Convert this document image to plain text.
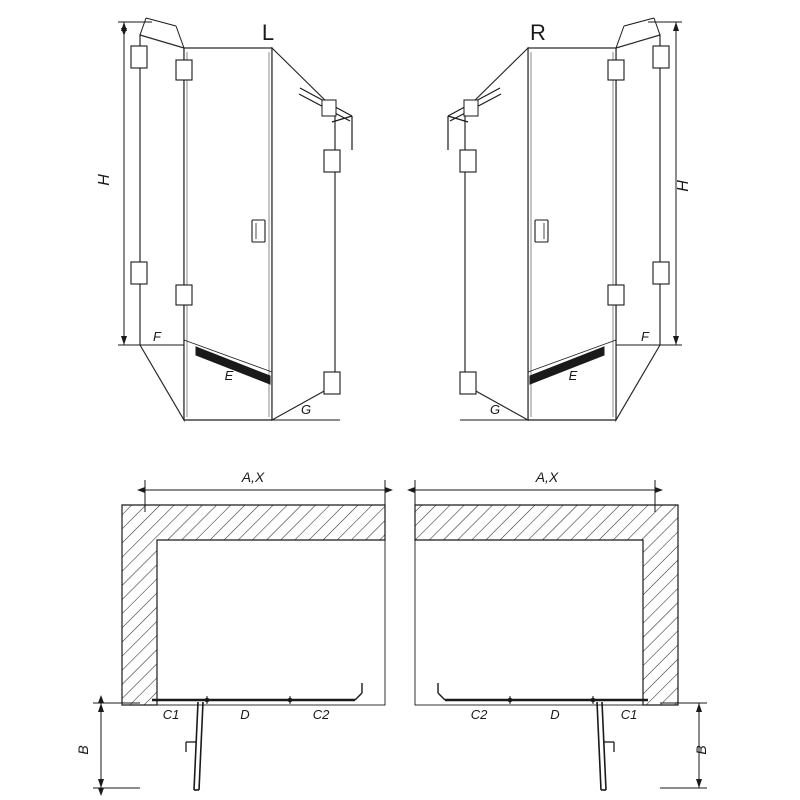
H
F
E
G
L
H
F
E
G
R
A,X
C1	D	C2
B
A,X
C1
D
C2
B
